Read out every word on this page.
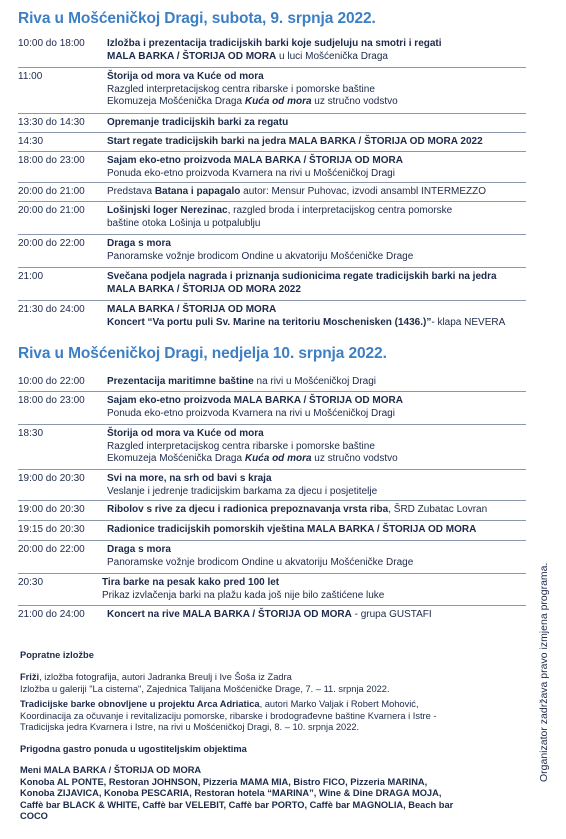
Riva u Mošćeničkoj Dragi, subota, 9. srpnja 2022.
10:00 do 18:00 Izložba i prezentacija tradicijskih barki koje sudjeluju na smotri i regati
MALA BARKA / ŠTORIJA OD MORA u luci Mošćenička Draga
11:00	Štorija od mora va Kuće od mora
Razgled interpretacijskog centra ribarske i pomorske baštine
Ekomuzeja Mošćenička Draga Kuća od mora uz stručno vodstvo
13:30 do 14:30 Opremanje tradicijskih barki za regatu
14:30	Start regate tradicijskih barki na jedra MALA BARKA / ŠTORIJA OD MORA 2022
18:00 do 23:00 Sajam eko-etno proizvoda MALA BARKA / ŠTORIJA OD MORA
Ponuda eko-etno proizvoda Kvarnera na rivi u Mošćeničkoj Dragi
20:00 do 21:00 Predstava Batana i papagalo autor: Mensur Puhovac, izvodi ansambl INTERMEZZO
20:00 do 21:00 Lošinjski loger Nerezinac, razgled broda i interpretacijskog centra pomorske
baštine otoka Lošinja u potpalublju
20:00 do 22:00 Draga s mora
Panoramske vožnje brodicom Ondine u akvatoriju Mošćeničke Drage
21:00	Svečana podjela nagrada i priznanja sudionicima regate tradicijskih barki na jedra
MALA BARKA / ŠTORIJA OD MORA 2022
21:30 do 24:00 MALA BARKA / ŠTORIJA OD MORA
Koncert “Va portu puli Sv. Marine na teritoriu Moschenisken (1436.)”- klapa NEVERA
Riva u Mošćeničkoj Dragi, nedjelja 10. srpnja 2022.
10:00 do 22:00 Prezentacija maritimne baštine na rivi u Mošćeničkoj Dragi
18:00 do 23:00 Sajam eko-etno proizvoda MALA BARKA / ŠTORIJA OD MORA
Ponuda eko-etno proizvoda Kvarnera na rivi u Mošćeničkoj Dragi
18:30	Štorija od mora va Kuće od mora
Razgled interpretacijskog centra ribarske i pomorske baštine
Ekomuzeja Mošćenička Draga Kuća od mora uz stručno vodstvo
19:00 do 20:30 Svi na more, na srh od bavi s kraja
Veslanje i jedrenje tradicijskim barkama za djecu i posjetitelje
19:00 do 20:30 Ribolov s rive za djecu i radionica prepoznavanja vrsta riba, ŠRD Zubatac Lovran
19:15 do 20:30 Radionice tradicijskih pomorskih vještina MALA BARKA / ŠTORIJA OD MORA
20:00 do 22:00 Draga s mora
Panoramske vožnje brodicom Ondine u akvatoriju Mošćeničke Drage
20:30	Tira barke na pesak kako pred 100 let
Prikaz izvlačenja barki na plažu kada još nije bilo zaštićene luke
21:00 do 24:00 Koncert na rive MALA BARKA / ŠTORIJA OD MORA - grupa GUSTAFI
Popratne izložbe
Friži, izložba fotografija, autori Jadranka Breulj i Ive Šoša iz Zadra
Izložba u galeriji "La cisterna", Zajednica Talijana Mošćeničke Drage, 7. – 11. srpnja 2022.
Tradicijske barke obnovljene u projektu Arca Adriatica, autori Marko Valjak i Robert Mohović,
Koordinacija za očuvanje i revitalizaciju pomorske, ribarske i brodograđevne baštine Kvarnera i Istre -
Tradicijska jedra Kvarnera i Istre, na rivi u Mošćeničkoj Dragi, 8. – 10. srpnja 2022.
Prigodna gastro ponuda u ugostiteljskim objektima
Meni MALA BARKA / ŠTORIJA OD MORA
Konoba AL PONTE, Restoran JOHNSON, Pizzeria MAMA MIA, Bistro FICO, Pizzeria MARINA,
Konoba ZIJAVICA, Konoba PESCARIA, Restoran hotela “MARINA”, Wine & Dine DRAGA MOJA,
Caffè bar BLACK & WHITE, Caffè bar VELEBIT, Caffè bar PORTO, Caffè bar MAGNOLIA, Beach bar
COCO
Organizator zadržava pravo izmjena programa.
